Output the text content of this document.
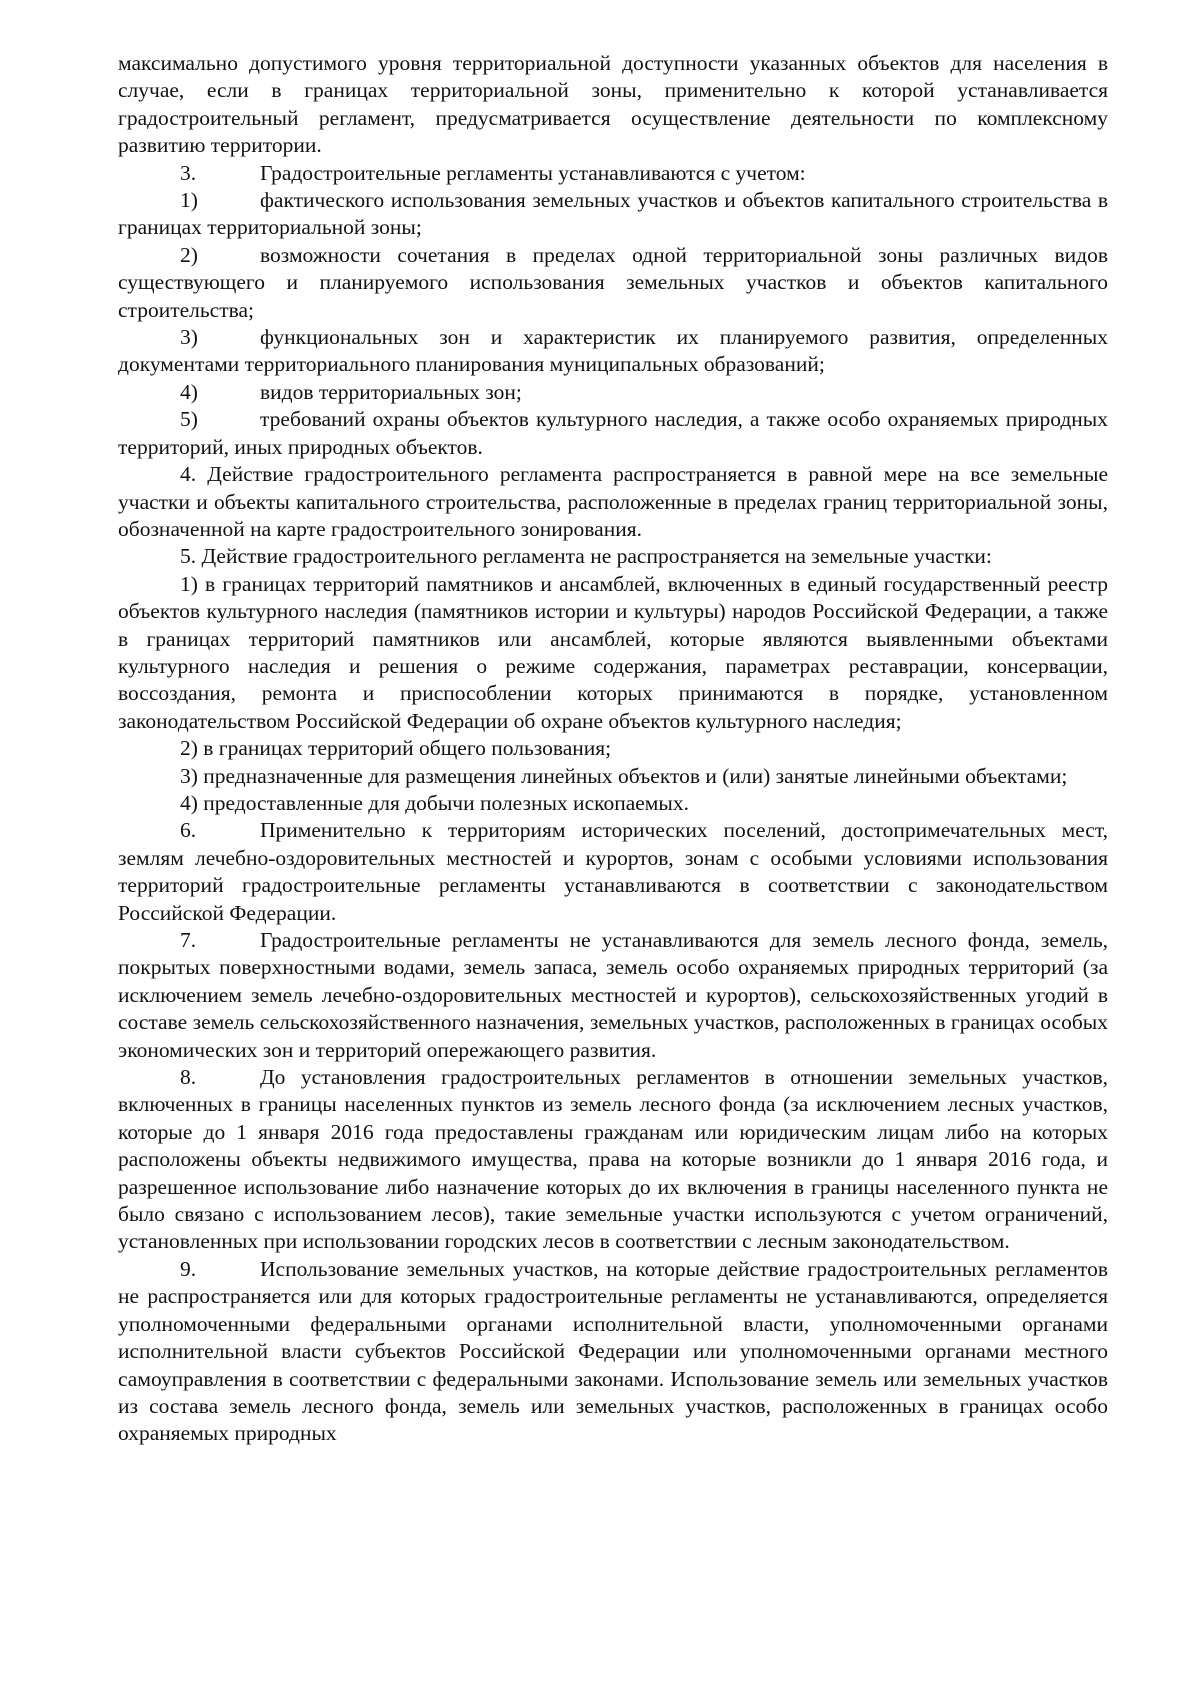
максимально допустимого уровня территориальной доступности указанных объектов для населения в случае, если в границах территориальной зоны, применительно к которой устанавливается градостроительный регламент, предусматривается осуществление деятельности по комплексному развитию территории.

3.	Градостроительные регламенты устанавливаются с учетом:

1)	фактического использования земельных участков и объектов капитального строительства в границах территориальной зоны;

2)	возможности сочетания в пределах одной территориальной зоны различных видов существующего и планируемого использования земельных участков и объектов капитального строительства;

3)	функциональных зон и характеристик их планируемого развития, определенных документами территориального планирования муниципальных образований;

4)	видов территориальных зон;

5)	требований охраны объектов культурного наследия, а также особо охраняемых природных территорий, иных природных объектов.

4. Действие градостроительного регламента распространяется в равной мере на все земельные участки и объекты капитального строительства, расположенные в пределах границ территориальной зоны, обозначенной на карте градостроительного зонирования.

5. Действие градостроительного регламента не распространяется на земельные участки:

1) в границах территорий памятников и ансамблей, включенных в единый государственный реестр объектов культурного наследия (памятников истории и культуры) народов Российской Федерации, а также в границах территорий памятников или ансамблей, которые являются выявленными объектами культурного наследия и решения о режиме содержания, параметрах реставрации, консервации, воссоздания, ремонта и приспособлении которых принимаются в порядке, установленном законодательством Российской Федерации об охране объектов культурного наследия;

2) в границах территорий общего пользования;

3) предназначенные для размещения линейных объектов и (или) занятые линейными объектами;

4) предоставленные для добычи полезных ископаемых.

6.	Применительно к территориям исторических поселений, достопримечательных мест, землям лечебно-оздоровительных местностей и курортов, зонам с особыми условиями использования территорий градостроительные регламенты устанавливаются в соответствии с законодательством Российской Федерации.

7.	Градостроительные регламенты не устанавливаются для земель лесного фонда, земель, покрытых поверхностными водами, земель запаса, земель особо охраняемых природных территорий (за исключением земель лечебно-оздоровительных местностей и курортов), сельскохозяйственных угодий в составе земель сельскохозяйственного назначения, земельных участков, расположенных в границах особых экономических зон и территорий опережающего развития.

8.	До установления градостроительных регламентов в отношении земельных участков, включенных в границы населенных пунктов из земель лесного фонда (за исключением лесных участков, которые до 1 января 2016 года предоставлены гражданам или юридическим лицам либо на которых расположены объекты недвижимого имущества, права на которые возникли до 1 января 2016 года, и разрешенное использование либо назначение которых до их включения в границы населенного пункта не было связано с использованием лесов), такие земельные участки используются с учетом ограничений, установленных при использовании городских лесов в соответствии с лесным законодательством.

9.	Использование земельных участков, на которые действие градостроительных регламентов не распространяется или для которых градостроительные регламенты не устанавливаются, определяется уполномоченными федеральными органами исполнительной власти, уполномоченными органами исполнительной власти субъектов Российской Федерации или уполномоченными органами местного самоуправления в соответствии с федеральными законами. Использование земель или земельных участков из состава земель лесного фонда, земель или земельных участков, расположенных в границах особо охраняемых природных
